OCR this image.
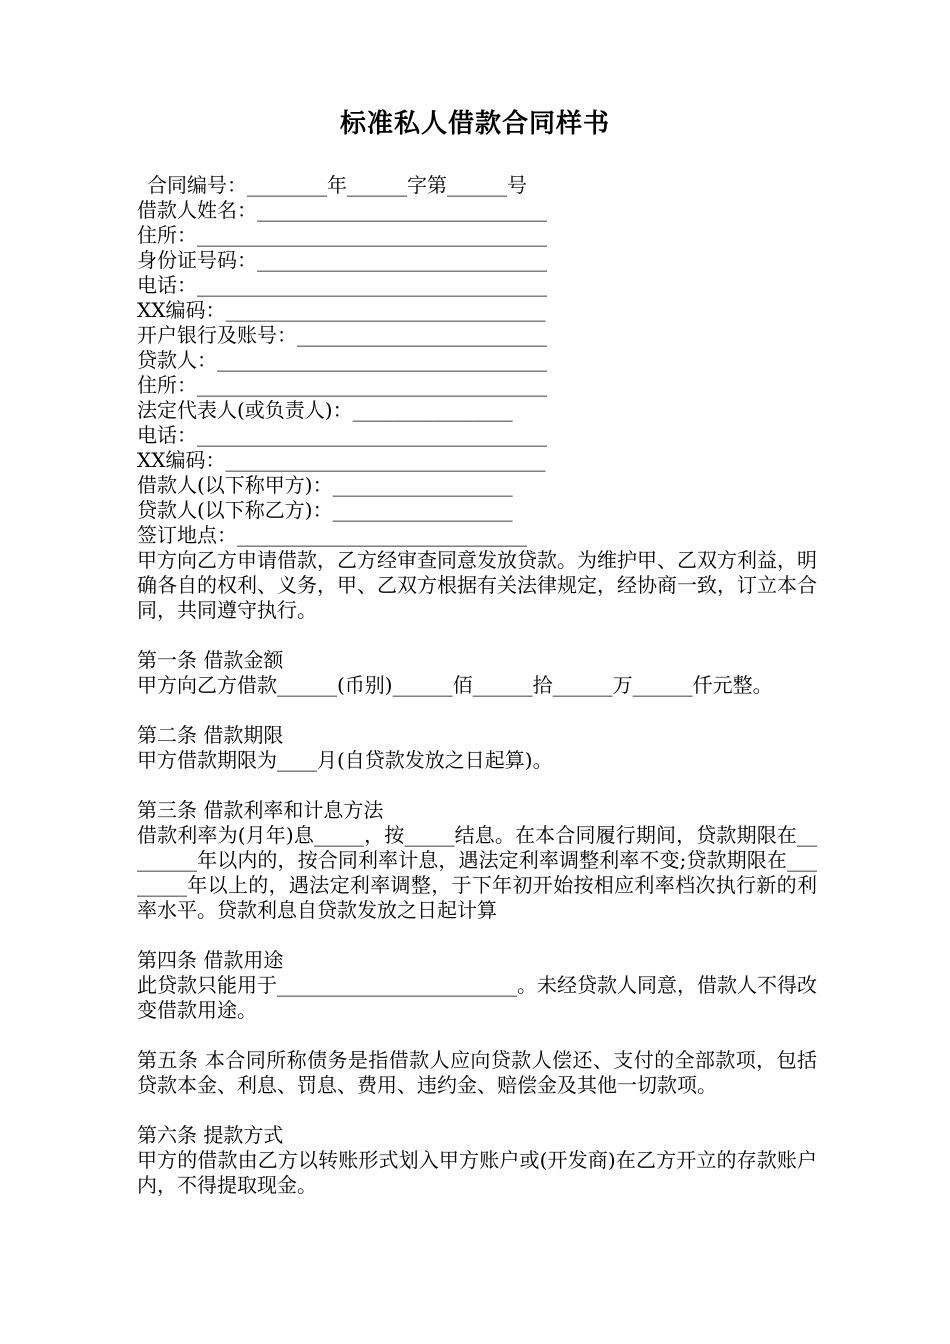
标准私人借款合同样书
合同编号：________年______字第______号
借款人姓名：_____________________________
住所：___________________________________
身份证号码：_____________________________
电话：___________________________________
XX编码：________________________________
开户银行及账号：_________________________
贷款人：_________________________________
住所：___________________________________
法定代表人(或负责人)：________________
电话：___________________________________
XX编码：________________________________
借款人(以下称甲方)：__________________
贷款人(以下称乙方)：__________________
签订地点：_____________________________

甲方向乙方申请借款，乙方经审查同意发放贷款。为维护甲、乙双方利益，明确各自的权利、义务，甲、乙双方根据有关法律规定，经协商一致，订立本合同，共同遵守执行。

第一条 借款金额

甲方向乙方借款______(币别)______佰______拾______万______仟元整。

第二条 借款期限

甲方借款期限为____月(自贷款发放之日起算)。

第三条 借款利率和计息方法

借款利率为(月年)息_____，按_____结息。在本合同履行期间，贷款期限在________年以内的，按合同利率计息，遇法定利率调整利率不变;贷款期限在________年以上的，遇法定利率调整，于下年初开始按相应利率档次执行新的利率水平。贷款利息自贷款发放之日起计算

第四条 借款用途

此贷款只能用于________________________。未经贷款人同意，借款人不得改变借款用途。

第五条 本合同所称债务是指借款人应向贷款人偿还、支付的全部款项，包括贷款本金、利息、罚息、费用、违约金、赔偿金及其他一切款项。

第六条 提款方式

甲方的借款由乙方以转账形式划入甲方账户或(开发商)在乙方开立的存款账户内，不得提取现金。
